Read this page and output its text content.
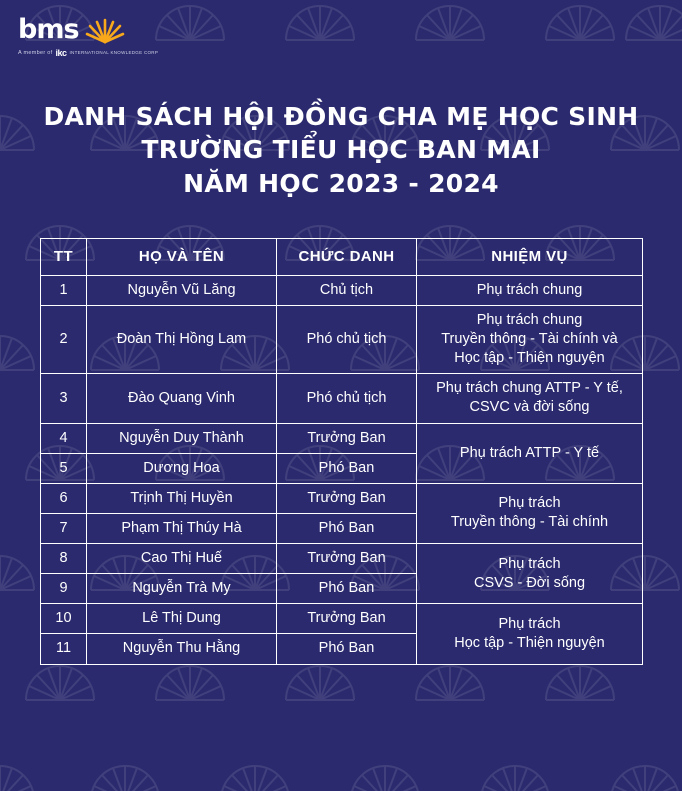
bms
A member of ikc INTERNATIONAL KNOWLEDGE CORP
DANH SÁCH HỘI ĐỒNG CHA MẸ HỌC SINH
TRƯỜNG TIỂU HỌC BAN MAI
NĂM HỌC 2023 - 2024
TT	HỌ VÀ TÊN	CHỨC DANH	NHIỆM VỤ
1	Nguyễn Vũ Lăng	Chủ tịch	Phụ trách chung

2	Đoàn Thị Hồng Lam	Phó chủ tịch	Phụ trách chung
Truyền thông - Tài chính và
Học tập - Thiện nguyện

3	Đào Quang Vinh	Phó chủ tịch	Phụ trách chung ATTP - Y tế,
CSVC và đời sống

4	Nguyễn Duy Thành	Trưởng Ban	Phụ trách ATTP - Y tế

5	Dương Hoa	Phó Ban	
6	Trịnh Thị Huyền	Trưởng Ban	Phụ trách
Truyền thông - Tài chính

7	Phạm Thị Thúy Hà	Phó Ban	
8	Cao Thị Huế	Trưởng Ban	Phụ trách
CSVS - Đời sống

9	Nguyễn Trà My	Phó Ban	
10	Lê Thị Dung	Trưởng Ban	Phụ trách
Học tập - Thiện nguyện

11	Nguyễn Thu Hằng	Phó Ban	
